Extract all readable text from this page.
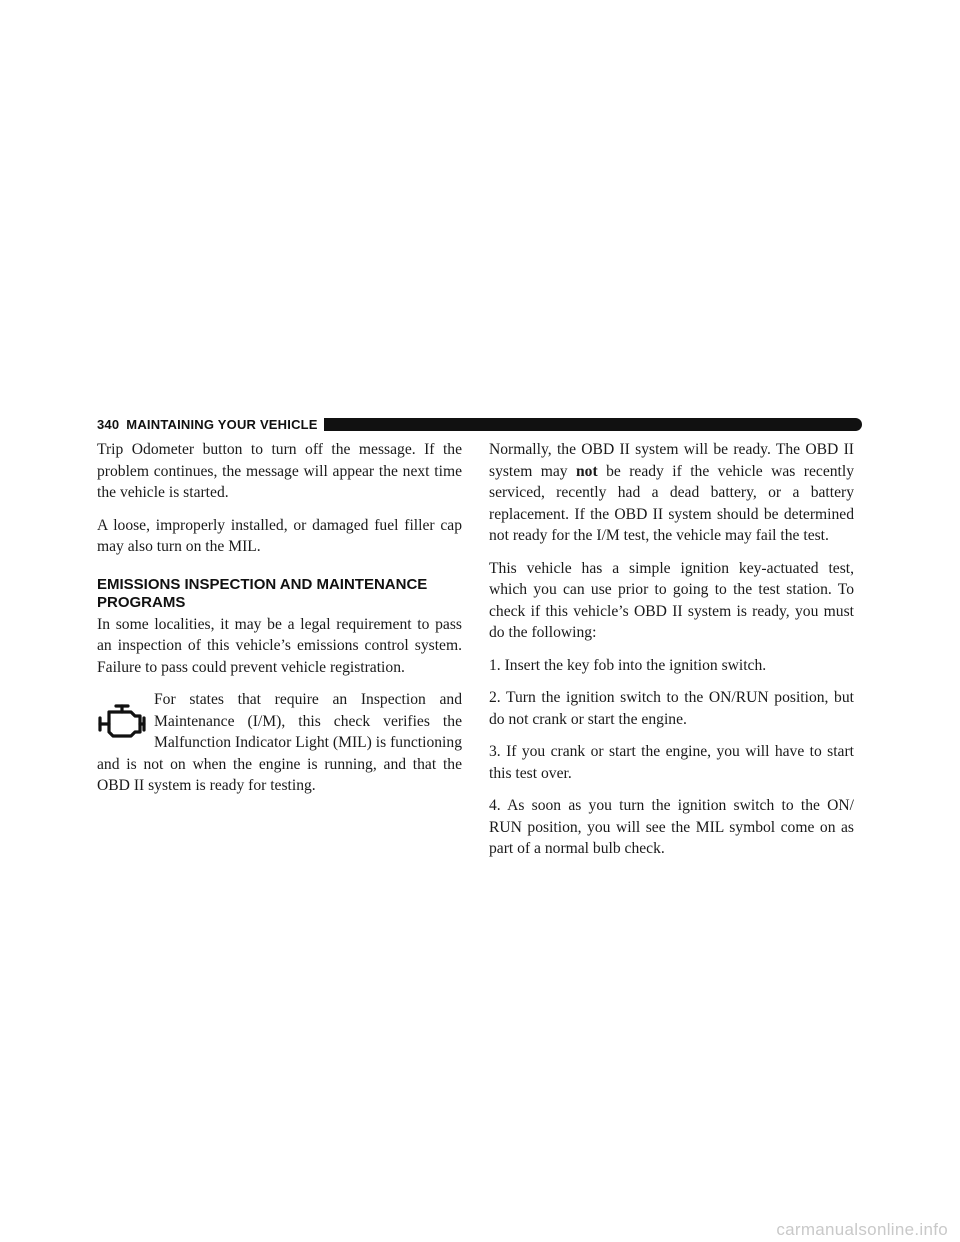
340 MAINTAINING YOUR VEHICLE

Trip Odometer button to turn off the message. If the problem continues, the message will appear the next time the vehicle is started.

A loose, improperly installed, or damaged fuel filler cap may also turn on the MIL.

EMISSIONS INSPECTION AND MAINTENANCE PROGRAMS

In some localities, it may be a legal requirement to pass an inspection of this vehicle’s emissions control system. Failure to pass could prevent vehicle registration.

For states that require an Inspection and Maintenance (I/M), this check verifies the Malfunction Indicator Light (MIL) is functioning and is not on when the engine is running, and that the OBD II system is ready for testing.

Normally, the OBD II system will be ready. The OBD II system may not be ready if the vehicle was recently serviced, recently had a dead battery, or a battery replacement. If the OBD II system should be determined not ready for the I/M test, the vehicle may fail the test.

This vehicle has a simple ignition key-actuated test, which you can use prior to going to the test station. To check if this vehicle’s OBD II system is ready, you must do the following:

1. Insert the key fob into the ignition switch.

2. Turn the ignition switch to the ON/RUN position, but do not crank or start the engine.

3. If you crank or start the engine, you will have to start this test over.

4. As soon as you turn the ignition switch to the ON/ RUN position, you will see the MIL symbol come on as part of a normal bulb check.

carmanualsonline.info
